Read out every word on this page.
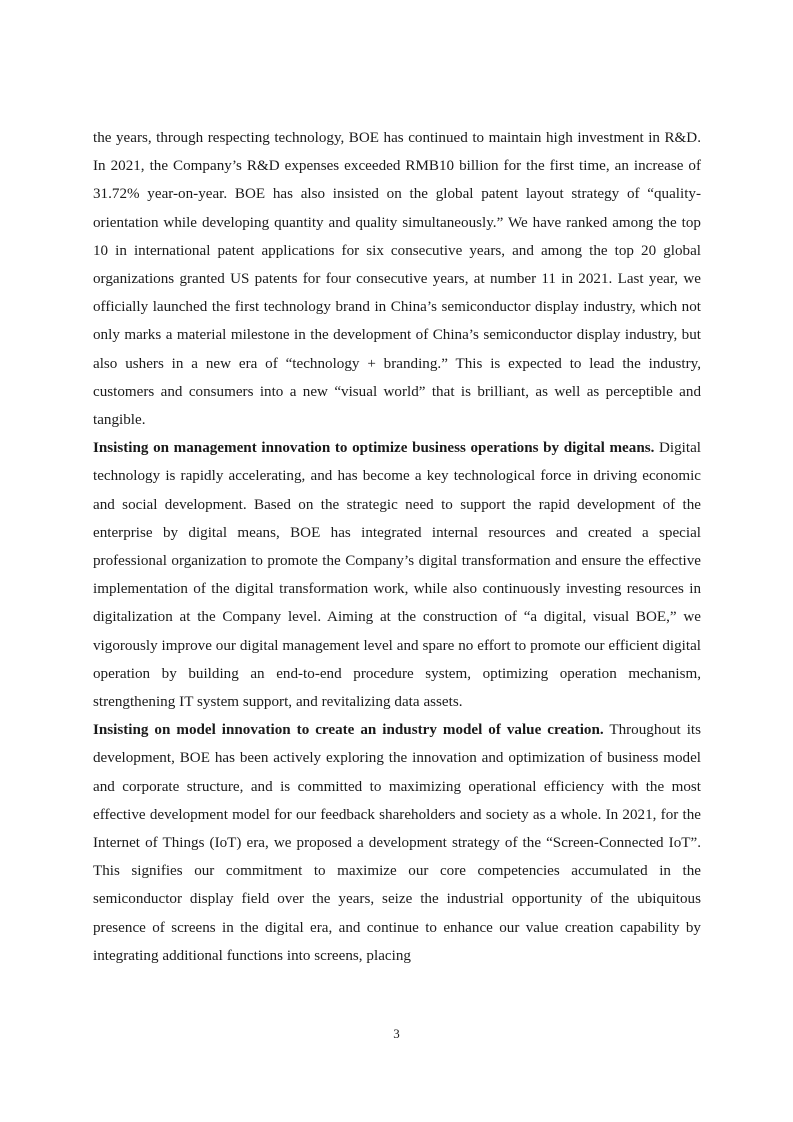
the years, through respecting technology, BOE has continued to maintain high investment in R&D. In 2021, the Company’s R&D expenses exceeded RMB10 billion for the first time, an increase of 31.72% year-on-year. BOE has also insisted on the global patent layout strategy of “quality-orientation while developing quantity and quality simultaneously.” We have ranked among the top 10 in international patent applications for six consecutive years, and among the top 20 global organizations granted US patents for four consecutive years, at number 11 in 2021. Last year, we officially launched the first technology brand in China’s semiconductor display industry, which not only marks a material milestone in the development of China’s semiconductor display industry, but also ushers in a new era of “technology + branding.” This is expected to lead the industry, customers and consumers into a new “visual world” that is brilliant, as well as perceptible and tangible.

Insisting on management innovation to optimize business operations by digital means. Digital technology is rapidly accelerating, and has become a key technological force in driving economic and social development. Based on the strategic need to support the rapid development of the enterprise by digital means, BOE has integrated internal resources and created a special professional organization to promote the Company’s digital transformation and ensure the effective implementation of the digital transformation work, while also continuously investing resources in digitalization at the Company level. Aiming at the construction of “a digital, visual BOE,” we vigorously improve our digital management level and spare no effort to promote our efficient digital operation by building an end-to-end procedure system, optimizing operation mechanism, strengthening IT system support, and revitalizing data assets.

Insisting on model innovation to create an industry model of value creation. Throughout its development, BOE has been actively exploring the innovation and optimization of business model and corporate structure, and is committed to maximizing operational efficiency with the most effective development model for our feedback shareholders and society as a whole. In 2021, for the Internet of Things (IoT) era, we proposed a development strategy of the “Screen-Connected IoT”. This signifies our commitment to maximize our core competencies accumulated in the semiconductor display field over the years, seize the industrial opportunity of the ubiquitous presence of screens in the digital era, and continue to enhance our value creation capability by integrating additional functions into screens, placing

3
